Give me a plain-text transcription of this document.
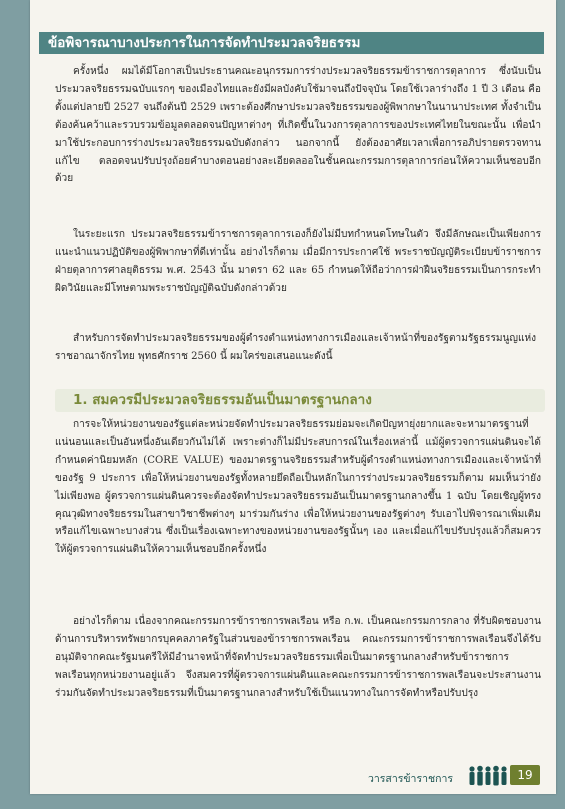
ข้อพิจารณาบางประการในการจัดทำประมวลจริยธรรม

ครั้งหนึ่ง ผมได้มีโอกาสเป็นประธานคณะอนุกรรมการร่างประมวลจริยธรรมข้าราชการตุลาการ ซึ่งนับเป็นประมวลจริยธรรมฉบับแรกๆ ของเมืองไทยและยังมีผลบังคับใช้มาจนถึงปัจจุบัน โดยใช้เวลาร่างถึง 1 ปี 3 เดือน คือตั้งแต่ปลายปี 2527 จนถึงต้นปี 2529 เพราะต้องศึกษาประมวลจริยธรรมของผู้พิพากษาในนานาประเทศ ทั้งจำเป็นต้องค้นคว้าและรวบรวมข้อมูลตลอดจนปัญหาต่างๆ ที่เกิดขึ้นในวงการตุลาการของประเทศไทยในขณะนั้น เพื่อนำมาใช้ประกอบการร่างประมวลจริยธรรมฉบับดังกล่าว นอกจากนี้ ยังต้องอาศัยเวลาเพื่อการอภิปรายตรวจทาน แก้ไข ตลอดจนปรับปรุงถ้อยคำบางตอนอย่างละเอียดลออในชั้นคณะกรรมการตุลาการก่อนให้ความเห็นชอบอีกด้วย

ในระยะแรก ประมวลจริยธรรมข้าราชการตุลาการเองก็ยังไม่มีบทกำหนดโทษในตัว จึงมีลักษณะเป็นเพียงการแนะนำแนวปฏิบัติของผู้พิพากษาที่ดีเท่านั้น อย่างไรก็ตาม เมื่อมีการประกาศใช้ พระราชบัญญัติระเบียบข้าราชการฝ่ายตุลาการศาลยุติธรรม พ.ศ. 2543 นั้น มาตรา 62 และ 65 กำหนดให้ถือว่าการฝ่าฝืนจริยธรรมเป็นการกระทำผิดวินัยและมีโทษตามพระราชบัญญัติฉบับดังกล่าวด้วย

สำหรับการจัดทำประมวลจริยธรรมของผู้ดำรงตำแหน่งทางการเมืองและเจ้าหน้าที่ของรัฐตามรัฐธรรมนูญแห่งราชอาณาจักรไทย พุทธศักราช 2560 นี้ ผมใคร่ขอเสนอแนะดังนี้

1. สมควรมีประมวลจริยธรรมอันเป็นมาตรฐานกลาง

การจะให้หน่วยงานของรัฐแต่ละหน่วยจัดทำประมวลจริยธรรมย่อมจะเกิดปัญหายุ่งยากและจะหามาตรฐานที่แน่นอนและเป็นอันหนึ่งอันเดียวกันไม่ได้ เพราะต่างก็ไม่มีประสบการณ์ในเรื่องเหล่านี้ แม้ผู้ตรวจการแผ่นดินจะได้กำหนดค่านิยมหลัก (CORE VALUE) ของมาตรฐานจริยธรรมสำหรับผู้ดำรงตำแหน่งทางการเมืองและเจ้าหน้าที่ของรัฐ 9 ประการ เพื่อให้หน่วยงานของรัฐทั้งหลายยึดถือเป็นหลักในการร่างประมวลจริยธรรมก็ตาม ผมเห็นว่ายังไม่เพียงพอ ผู้ตรวจการแผ่นดินควรจะต้องจัดทำประมวลจริยธรรมอันเป็นมาตรฐานกลางขึ้น 1 ฉบับ โดยเชิญผู้ทรงคุณวุฒิทางจริยธรรมในสาขาวิชาชีพต่างๆ มาร่วมกันร่าง เพื่อให้หน่วยงานของรัฐต่างๆ รับเอาไปพิจารณาเพิ่มเติมหรือแก้ไขเฉพาะบางส่วน ซึ่งเป็นเรื่องเฉพาะทางของหน่วยงานของรัฐนั้นๆ เอง และเมื่อแก้ไขปรับปรุงแล้วก็สมควรให้ผู้ตรวจการแผ่นดินให้ความเห็นชอบอีกครั้งหนึ่ง

อย่างไรก็ตาม เนื่องจากคณะกรรมการข้าราชการพลเรือน หรือ ก.พ. เป็นคณะกรรมการกลาง ที่รับผิดชอบงานด้านการบริหารทรัพยากรบุคคลภาครัฐในส่วนของข้าราชการพลเรือน คณะกรรมการข้าราชการพลเรือนจึงได้รับอนุมัติจากคณะรัฐมนตรีให้มีอำนาจหน้าที่จัดทำประมวลจริยธรรมเพื่อเป็นมาตรฐานกลางสำหรับข้าราชการพลเรือนทุกหน่วยงานอยู่แล้ว จึงสมควรที่ผู้ตรวจการแผ่นดินและคณะกรรมการข้าราชการพลเรือนจะประสานงานร่วมกันจัดทำประมวลจริยธรรมที่เป็นมาตรฐานกลางสำหรับใช้เป็นแนวทางในการจัดทำหรือปรับปรุง

วารสารข้าราชการ	19
